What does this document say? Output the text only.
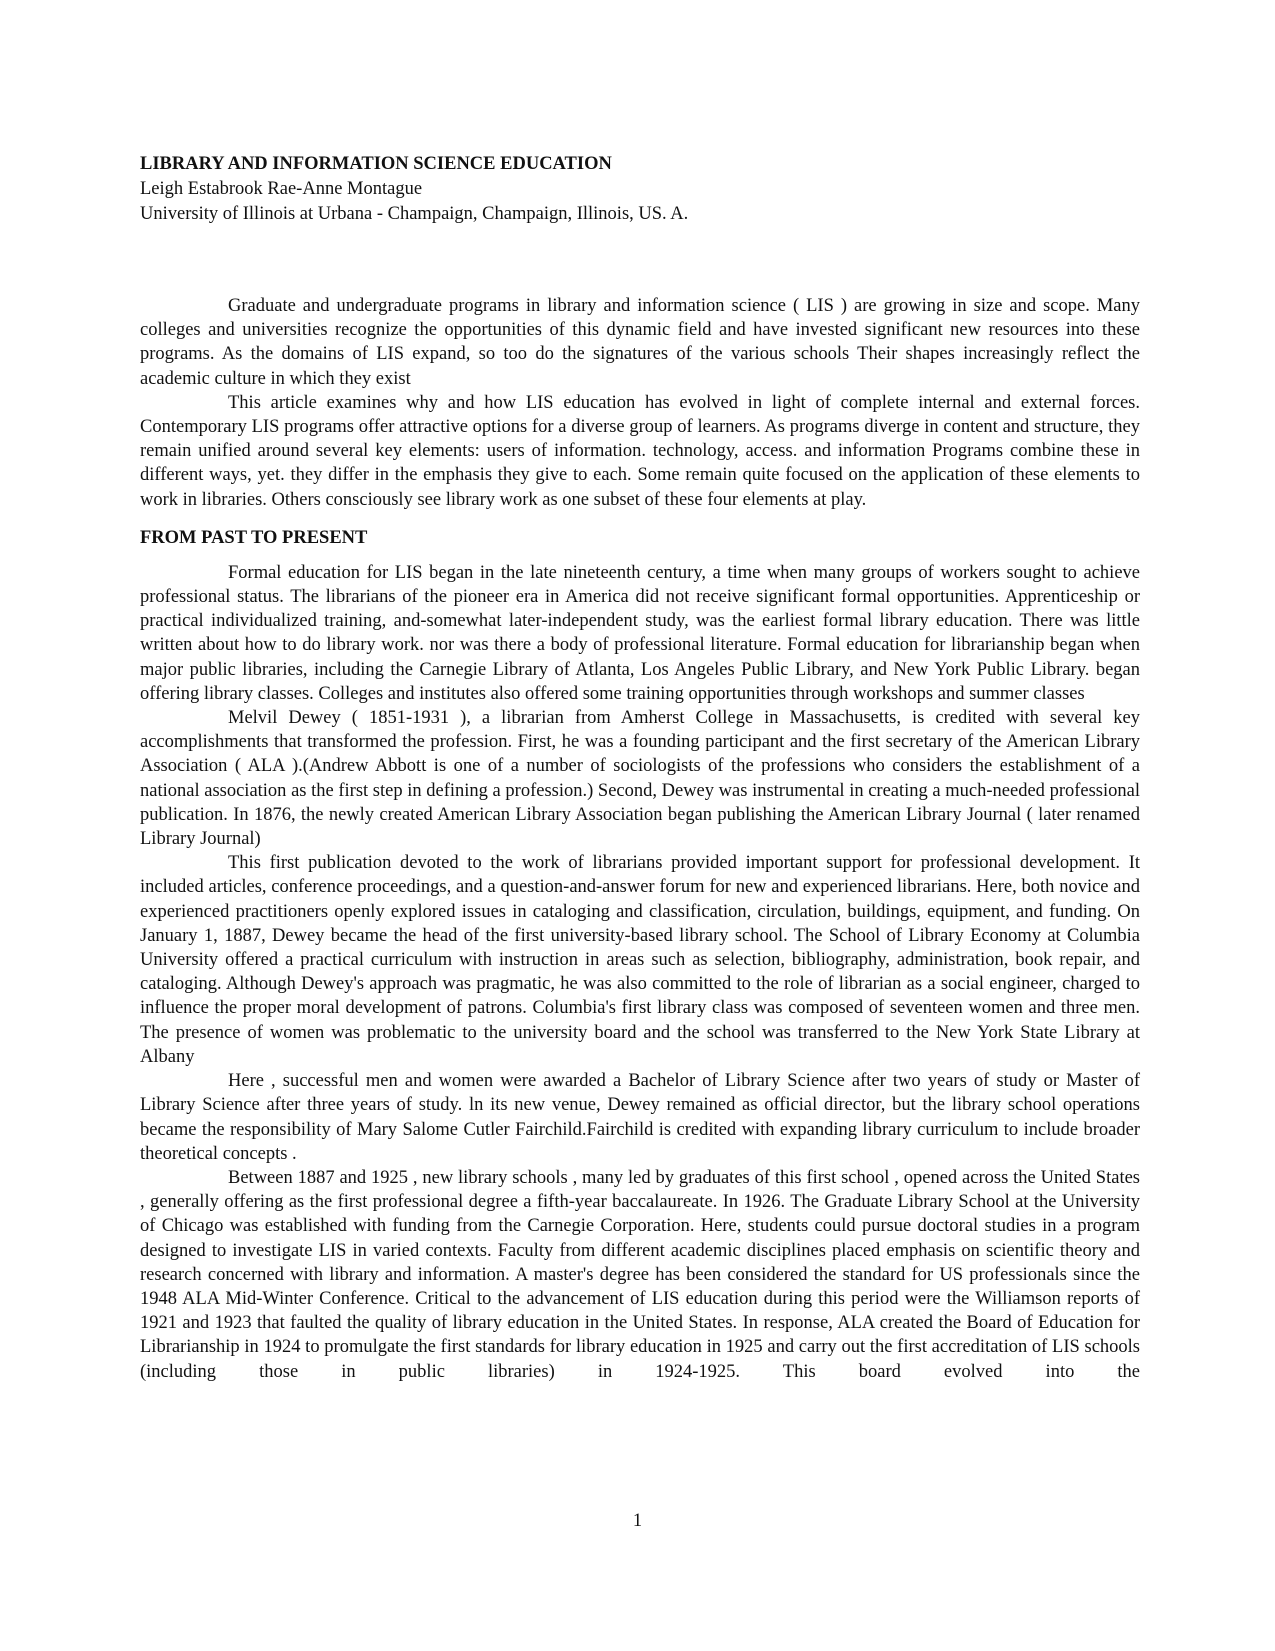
LIBRARY AND INFORMATION SCIENCE EDUCATION
Leigh Estabrook Rae-Anne Montague
University of Illinois at Urbana - Champaign, Champaign, Illinois, US. A.

Graduate and undergraduate programs in library and information science ( LIS ) are growing in size and scope. Many colleges and universities recognize the opportunities of this dynamic field and have invested significant new resources into these programs. As the domains of LIS expand, so too do the signatures of the various schools Their shapes increasingly reflect the academic culture in which they exist

This article examines why and how LIS education has evolved in light of complete internal and external forces. Contemporary LIS programs offer attractive options for a diverse group of learners. As programs diverge in content and structure, they remain unified around several key elements: users of information. technology, access. and information Programs combine these in different ways, yet. they differ in the emphasis they give to each. Some remain quite focused on the application of these elements to work in libraries. Others consciously see library work as one subset of these four elements at play.

FROM PAST TO PRESENT

Formal education for LIS began in the late nineteenth century, a time when many groups of workers sought to achieve professional status. The librarians of the pioneer era in America did not receive significant formal opportunities. Apprenticeship or practical individualized training, and-somewhat later-independent study, was the earliest formal library education. There was little written about how to do library work. nor was there a body of professional literature. Formal education for librarianship began when major public libraries, including the Carnegie Library of Atlanta, Los Angeles Public Library, and New York Public Library. began offering library classes. Colleges and institutes also offered some training opportunities through workshops and summer classes

Melvil Dewey ( 1851-1931 ), a librarian from Amherst College in Massachusetts, is credited with several key accomplishments that transformed the profession. First, he was a founding participant and the first secretary of the American Library Association ( ALA ).(Andrew Abbott is one of a number of sociologists of the professions who considers the establishment of a national association as the first step in defining a profession.) Second, Dewey was instrumental in creating a much-needed professional publication. In 1876, the newly created American Library Association began publishing the American Library Journal ( later renamed Library Journal)

This first publication devoted to the work of librarians provided important support for professional development. It included articles, conference proceedings, and a question-and-answer forum for new and experienced librarians. Here, both novice and experienced practitioners openly explored issues in cataloging and classification, circulation, buildings, equipment, and funding. On January 1, 1887, Dewey became the head of the first university-based library school. The School of Library Economy at Columbia University offered a practical curriculum with instruction in areas such as selection, bibliography, administration, book repair, and cataloging. Although Dewey's approach was pragmatic, he was also committed to the role of librarian as a social engineer, charged to influence the proper moral development of patrons. Columbia's first library class was composed of seventeen women and three men. The presence of women was problematic to the university board and the school was transferred to the New York State Library at Albany

Here , successful men and women were awarded a Bachelor of Library Science after two years of study or Master of Library Science after three years of study. ln its new venue, Dewey remained as official director, but the library school operations became the responsibility of Mary Salome Cutler Fairchild.Fairchild is credited with expanding library curriculum to include broader theoretical concepts .

Between 1887 and 1925 , new library schools , many led by graduates of this first school , opened across the United States , generally offering as the first professional degree a fifth-year baccalaureate. In 1926. The Graduate Library School at the University of Chicago was established with funding from the Carnegie Corporation. Here, students could pursue doctoral studies in a program designed to investigate LIS in varied contexts. Faculty from different academic disciplines placed emphasis on scientific theory and research concerned with library and information. A master's degree has been considered the standard for US professionals since the 1948 ALA Mid-Winter Conference. Critical to the advancement of LIS education during this period were the Williamson reports of 1921 and 1923 that faulted the quality of library education in the United States. In response, ALA created the Board of Education for Librarianship in 1924 to promulgate the first standards for library education in 1925 and carry out the first accreditation of LIS schools (including those in public libraries) in 1924-1925. This board evolved into the

1
